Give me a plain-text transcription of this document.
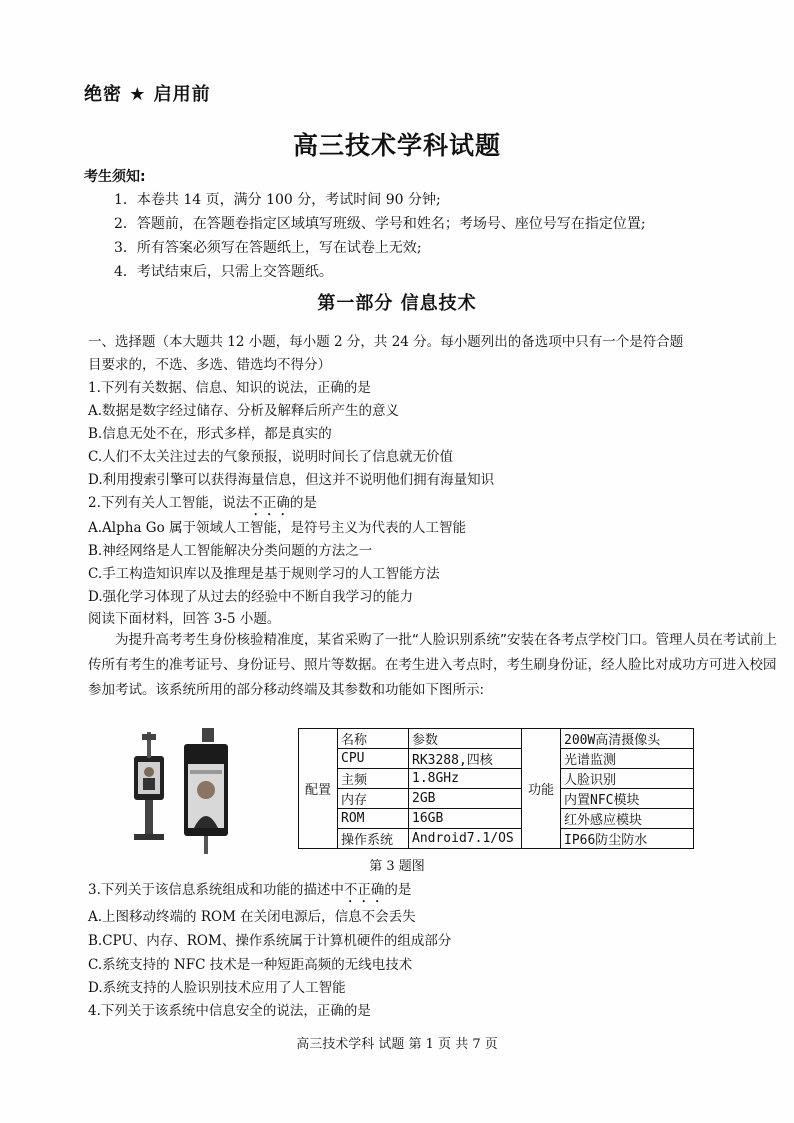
绝密 ★ 启用前
高三技术学科试题
考生须知:
1．本卷共 14 页，满分 100 分，考试时间 90 分钟;
2．答题前，在答题卷指定区域填写班级、学号和姓名；考场号、座位号写在指定位置;
3．所有答案必须写在答题纸上，写在试卷上无效;
4．考试结束后，只需上交答题纸。
第一部分 信息技术
一、选择题（本大题共 12 小题，每小题 2 分，共 24 分。每小题列出的备选项中只有一个是符合题
目要求的，不选、多选、错选均不得分）
1.下列有关数据、信息、知识的说法，正确的是
A.数据是数字经过储存、分析及解释后所产生的意义
B.信息无处不在，形式多样，都是真实的
C.人们不太关注过去的气象预报，说明时间长了信息就无价值
D.利用搜索引擎可以获得海量信息，但这并不说明他们拥有海量知识
2.下列有关人工智能，说法不正确的是
A.Alpha Go 属于领域人工智能，是符号主义为代表的人工智能
B.神经网络是人工智能解决分类问题的方法之一
C.手工构造知识库以及推理是基于规则学习的人工智能方法
D.强化学习体现了从过去的经验中不断自我学习的能力
阅读下面材料，回答 3-5 小题。
为提升高考考生身份核验精准度，某省采购了一批“人脸识别系统”安装在各考点学校门口。管理人员在考试前上传所有考生的准考证号、身份证号、照片等数据。在考生进入考点时，考生刷身份证，经人脸比对成功方可进入校园参加考试。该系统所用的部分移动终端及其参数和功能如下图所示:
配置	名称	参数	功能	200W高清摄像头
	CPU	RK3288,四核		光谱监测
	主频	1.8GHz		人脸识别
	内存	2GB		内置NFC模块
	ROM	16GB		红外感应模块
	操作系统	Android7.1/OS		IP66防尘防水
第 3 题图
3.下列关于该信息系统组成和功能的描述中不正确的是
A.上图移动终端的 ROM 在关闭电源后，信息不会丢失
B.CPU、内存、ROM、操作系统属于计算机硬件的组成部分
C.系统支持的 NFC 技术是一种短距高频的无线电技术
D.系统支持的人脸识别技术应用了人工智能
4.下列关于该系统中信息安全的说法，正确的是
高三技术学科 试题 第 1 页 共 7 页
